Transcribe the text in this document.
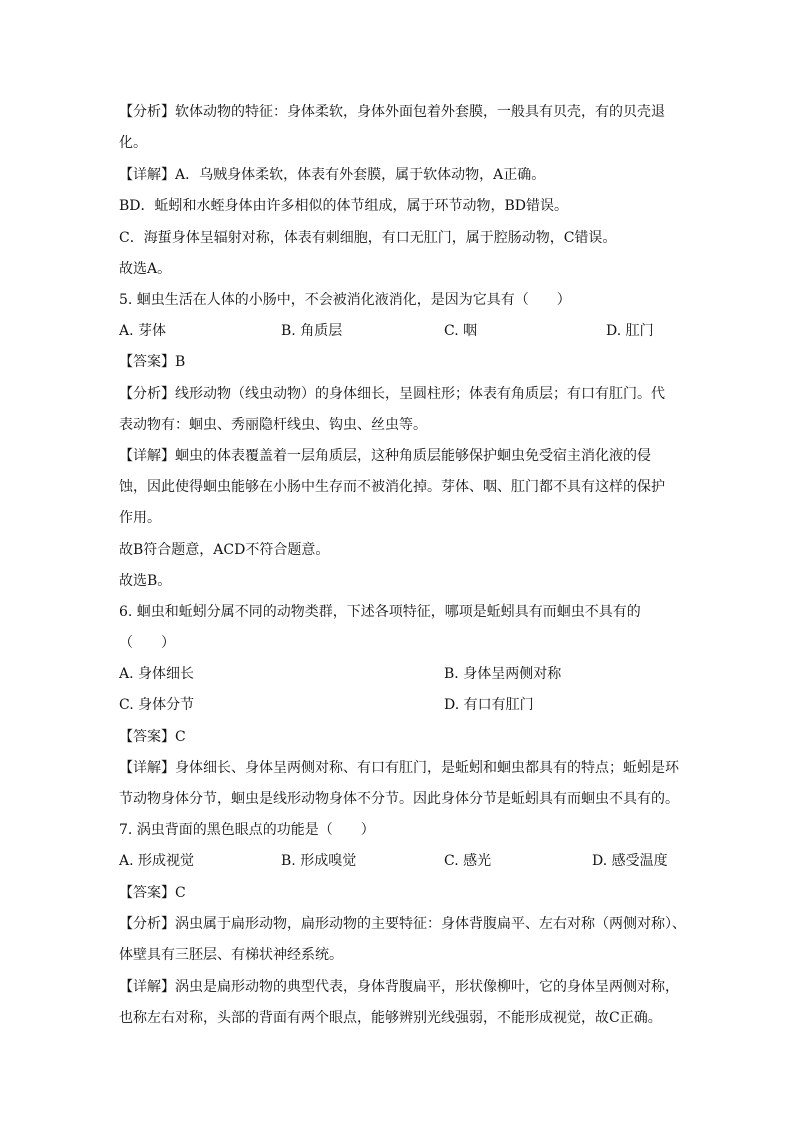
【分析】软体动物的特征：身体柔软，身体外面包着外套膜，一般具有贝壳，有的贝壳退
化。
【详解】A．乌贼身体柔软，体表有外套膜，属于软体动物，A正确。
BD．蚯蚓和水蛭身体由许多相似的体节组成，属于环节动物，BD错误。
C．海蜇身体呈辐射对称，体表有刺细胞，有口无肛门，属于腔肠动物，C错误。
故选A。
5. 蛔虫生活在人体的小肠中，不会被消化液消化，是因为它具有（　　）
A. 芽体	B. 角质层	C. 咽	D. 肛门
【答案】B
【分析】线形动物（线虫动物）的身体细长，呈圆柱形；体表有角质层；有口有肛门。代
表动物有：蛔虫、秀丽隐杆线虫、钩虫、丝虫等。
【详解】蛔虫的体表覆盖着一层角质层，这种角质层能够保护蛔虫免受宿主消化液的侵
蚀，因此使得蛔虫能够在小肠中生存而不被消化掉。芽体、咽、肛门都不具有这样的保护
作用。
故B符合题意，ACD不符合题意。
故选B。
6. 蛔虫和蚯蚓分属不同的动物类群，下述各项特征，哪项是蚯蚓具有而蛔虫不具有的
（　　）
A. 身体细长	B. 身体呈两侧对称
C. 身体分节	D. 有口有肛门
【答案】C
【详解】身体细长、身体呈两侧对称、有口有肛门，是蚯蚓和蛔虫都具有的特点；蚯蚓是环
节动物身体分节，蛔虫是线形动物身体不分节。因此身体分节是蚯蚓具有而蛔虫不具有的。
7. 涡虫背面的黑色眼点的功能是（　　）
A. 形成视觉	B. 形成嗅觉	C. 感光	D. 感受温度
【答案】C
【分析】涡虫属于扁形动物，扁形动物的主要特征：身体背腹扁平、左右对称（两侧对称）、
体壁具有三胚层、有梯状神经系统。
【详解】涡虫是扁形动物的典型代表，身体背腹扁平，形状像柳叶，它的身体呈两侧对称，
也称左右对称，头部的背面有两个眼点，能够辨别光线强弱，不能形成视觉，故C正确。
